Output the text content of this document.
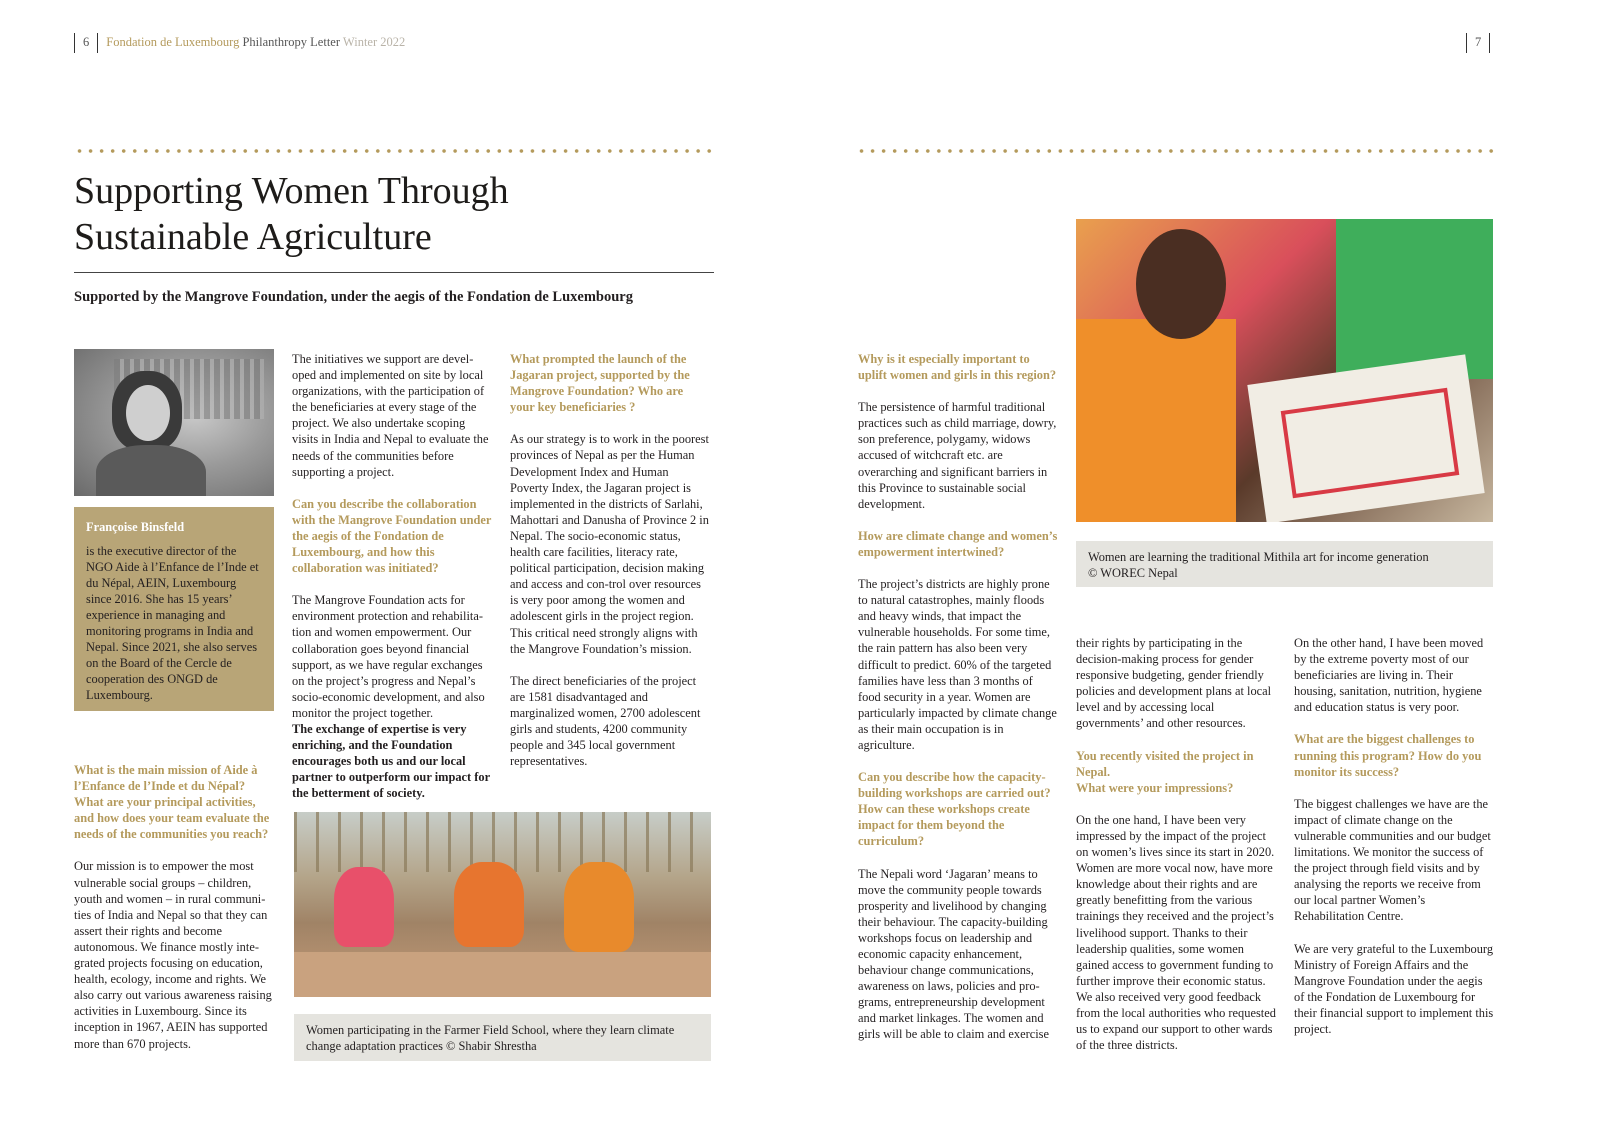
6 Fondation de Luxembourg Philanthropy Letter Winter 2022	7
Supporting Women Through
Sustainable Agriculture
Supported by the Mangrove Foundation, under the aegis of the Fondation de Luxembourg
Françoise Binsfeld
is the executive director of the NGO Aide à l’Enfance de l’Inde et du Népal, AEIN, Luxembourg since 2016. She has 15 years’ experience in managing and monitoring programs in India and Nepal. Since 2021, she also serves on the Board of the Cercle de cooperation des ONGD de Luxembourg.
What is the main mission of Aide à l’Enfance de l’Inde et du Népal? What are your principal activities, and how does your team evaluate the needs of the communities you reach?

Our mission is to empower the most vulnerable social groups – children, youth and women – in rural communi-ties of India and Nepal so that they can assert their rights and become autonomous. We finance mostly inte-grated projects focusing on education, health, ecology, income and rights. We also carry out various awareness raising activities in Luxembourg. Since its inception in 1967, AEIN has supported more than 670 projects.

The initiatives we support are devel-oped and implemented on site by local organizations, with the participation of the beneficiaries at every stage of the project. We also undertake scoping visits in India and Nepal to evaluate the needs of the communities before supporting a project.

Can you describe the collaboration with the Mangrove Foundation under the aegis of the Fondation de Luxembourg, and how this collaboration was initiated?

The Mangrove Foundation acts for environment protection and rehabilita-tion and women empowerment. Our collaboration goes beyond financial support, as we have regular exchanges on the project’s progress and Nepal’s socio-economic development, and also monitor the project together.

The exchange of expertise is very enriching, and the Foundation encourages both us and our local partner to outperform our impact for the betterment of society.

What prompted the launch of the Jagaran project, supported by the Mangrove Foundation? Who are your key beneficiaries ?

As our strategy is to work in the poorest provinces of Nepal as per the Human Development Index and Human Poverty Index, the Jagaran project is implemented in the districts of Sarlahi, Mahottari and Danusha of Province 2 in Nepal. The socio-economic status, health care facilities, literacy rate, political participation, decision making and access and con-trol over resources is very poor among the women and adolescent girls in the project region. This critical need strongly aligns with the Mangrove Foundation’s mission.

The direct beneficiaries of the project are 1581 disadvantaged and marginalized women, 2700 adolescent girls and students, 4200 community people and 345 local government representatives.

Women participating in the Farmer Field School, where they learn climate change adaptation practices © Shabir Shrestha
Women are learning the traditional Mithila art for income generation
© WOREC Nepal
Why is it especially important to uplift women and girls in this region?

The persistence of harmful traditional practices such as child marriage, dowry, son preference, polygamy, widows accused of witchcraft etc. are overarching and significant barriers in this Province to sustainable social development.

How are climate change and women’s empowerment intertwined?

The project’s districts are highly prone to natural catastrophes, mainly floods and heavy winds, that impact the vulnerable households. For some time, the rain pattern has also been very difficult to predict. 60% of the targeted families have less than 3 months of food security in a year. Women are particularly impacted by climate change as their main occupation is in agriculture.

Can you describe how the capacity-building workshops are carried out? How can these workshops create impact for them beyond the curriculum?

The Nepali word ‘Jagaran’ means to move the community people towards prosperity and livelihood by changing their behaviour. The capacity-building workshops focus on leadership and economic capacity enhancement, behaviour change communications, awareness on laws, policies and pro-grams, entrepreneurship development and market linkages. The women and girls will be able to claim and exercise

their rights by participating in the decision-making process for gender responsive budgeting, gender friendly policies and development plans at local level and by accessing local governments’ and other resources.

You recently visited the project in Nepal.
What were your impressions?

On the one hand, I have been very impressed by the impact of the project on women’s lives since its start in 2020. Women are more vocal now, have more knowledge about their rights and are greatly benefitting from the various trainings they received and the project’s livelihood support. Thanks to their leadership qualities, some women gained access to government funding to further improve their economic status. We also received very good feedback from the local authorities who requested us to expand our support to other wards of the three districts.

On the other hand, I have been moved by the extreme poverty most of our beneficiaries are living in. Their housing, sanitation, nutrition, hygiene and education status is very poor.

What are the biggest challenges to running this program? How do you monitor its success?

The biggest challenges we have are the impact of climate change on the vulnerable communities and our budget limitations. We monitor the success of the project through field visits and by analysing the reports we receive from our local partner Women’s Rehabilitation Centre.

We are very grateful to the Luxembourg Ministry of Foreign Affairs and the Mangrove Foundation under the aegis of the Fondation de Luxembourg for their financial support to implement this project.
